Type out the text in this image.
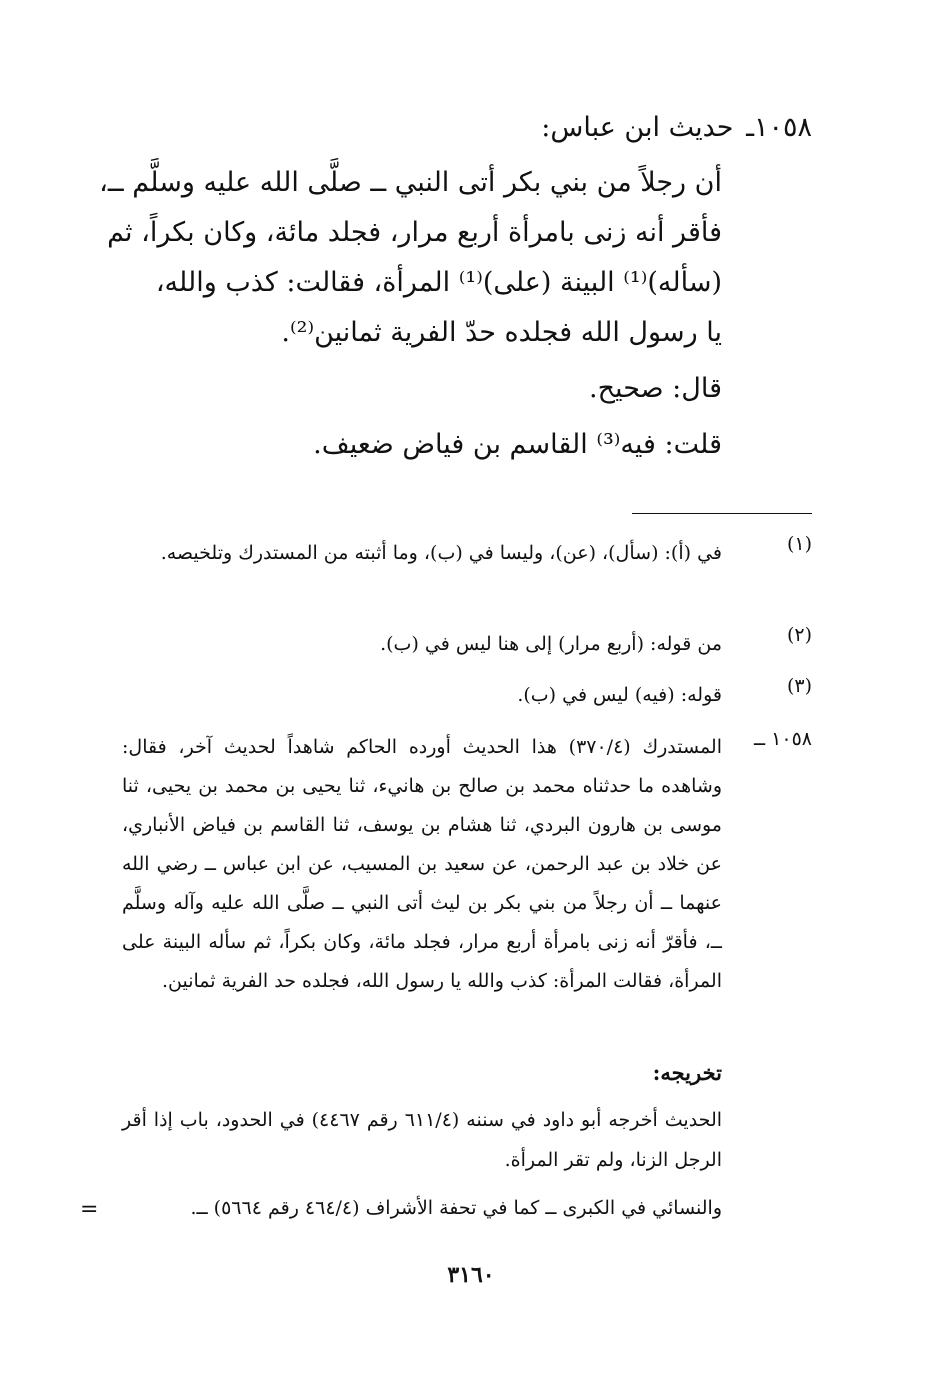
١٠٥٨ـ حديث ابن عباس:
أن رجلاً من بني بكر أتى النبي ــ صلَّى الله عليه وسلَّم ــ،
فأقر أنه زنى بامرأة أربع مرار، فجلد مائة، وكان بكراً، ثم
(سأله)⁽¹⁾ البينة (على)⁽¹⁾ المرأة، فقالت: كذب والله،
يا رسول الله فجلده حدّ الفرية ثمانين⁽²⁾.
قال: صحيح.
قلت: فيه⁽³⁾ القاسم بن فياض ضعيف.
(١)
في (أ): (سأل)، (عن)، وليسا في (ب)، وما أثبته من المستدرك وتلخيصه.
(٢)
من قوله: (أربع مرار) إلى هنا ليس في (ب).
(٣)
قوله: (فيه) ليس في (ب).
١٠٥٨ ــ
المستدرك (٣٧٠/٤) هذا الحديث أورده الحاكم شاهداً لحديث آخر، فقال: وشاهده ما حدثناه محمد بن صالح بن هانيء، ثنا يحيى بن محمد بن يحيى، ثنا موسى بن هارون البردي، ثنا هشام بن يوسف، ثنا القاسم بن فياض الأنباري، عن خلاد بن عبد الرحمن، عن سعيد بن المسيب، عن ابن عباس ــ رضي الله عنهما ــ أن رجلاً من بني بكر بن ليث أتى النبي ــ صلَّى الله عليه وآله وسلَّم ــ، فأقرّ أنه زنى بامرأة أربع مرار، فجلد مائة، وكان بكراً، ثم سأله البينة على المرأة، فقالت المرأة: كذب والله يا رسول الله، فجلده حد الفرية ثمانين.
تخريجه:
الحديث أخرجه أبو داود في سننه (٦١١/٤ رقم ٤٤٦٧) في الحدود، باب إذا أقر الرجل الزنا، ولم تقر المرأة.
والنسائي في الكبرى ــ كما في تحفة الأشراف (٤٦٤/٤ رقم ٥٦٦٤) ــ.
=
٣١٦٠
